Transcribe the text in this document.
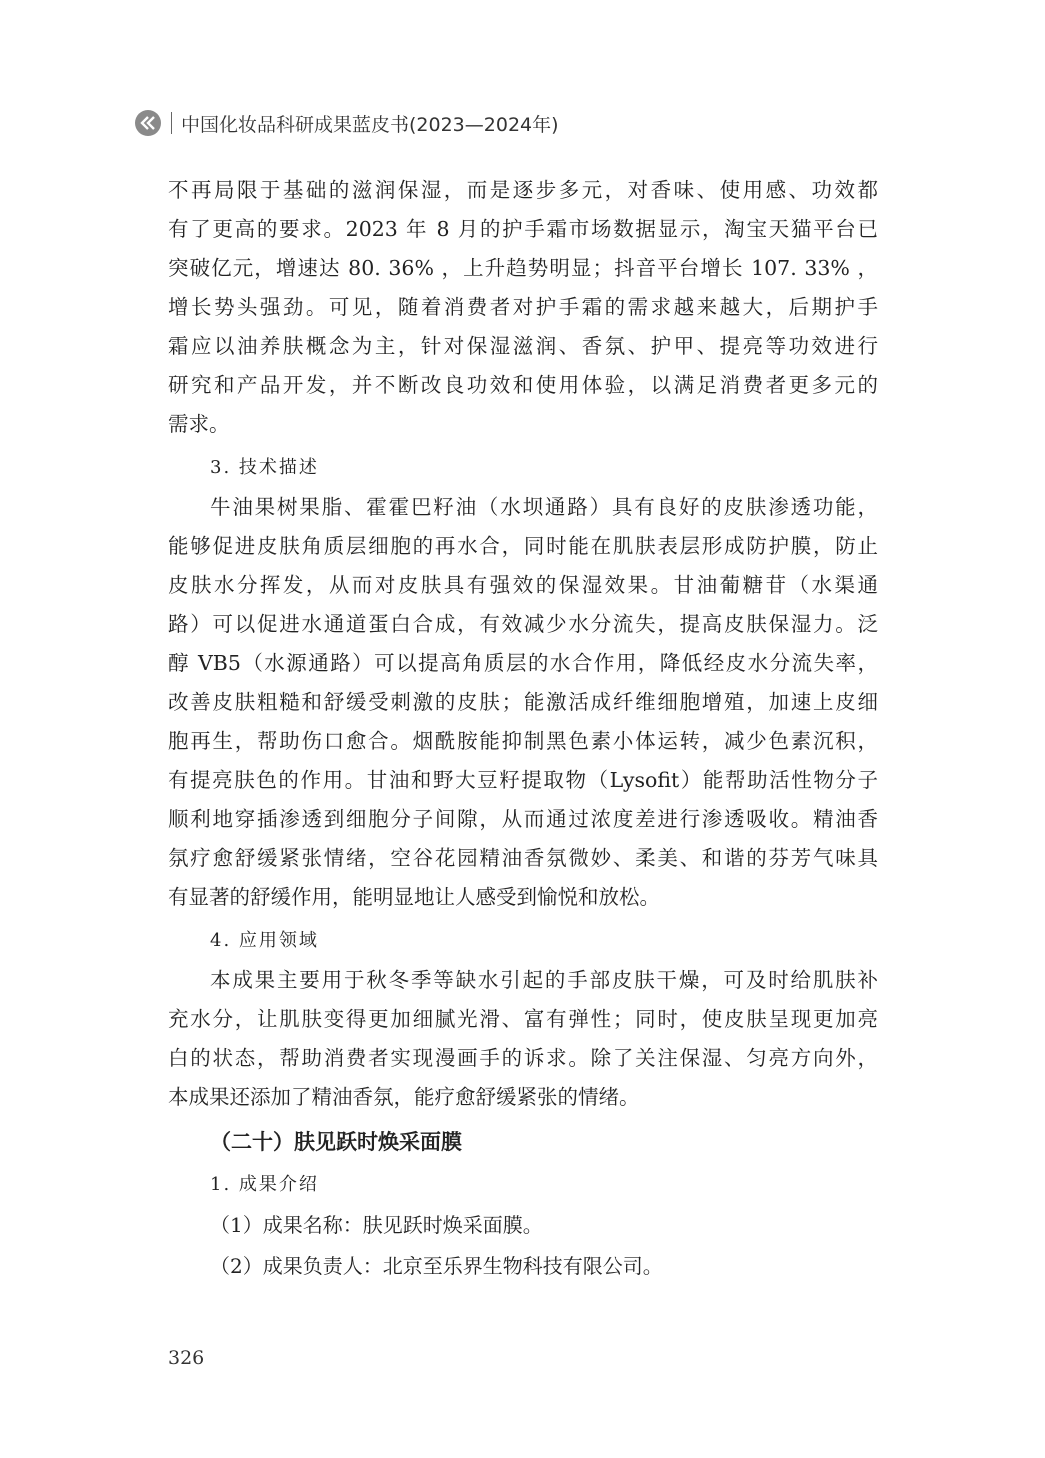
中国化妆品科研成果蓝皮书(2023—2024年)
不再局限于基础的滋润保湿，而是逐步多元，对香味、使用感、功效都
有了更高的要求。2023 年 8 月的护手霜市场数据显示，淘宝天猫平台已
突破亿元，增速达 80. 36% ，上升趋势明显；抖音平台增长 107. 33% ，
增长势头强劲。可见，随着消费者对护手霜的需求越来越大，后期护手
霜应以油养肤概念为主，针对保湿滋润、香氛、护甲、提亮等功效进行
研究和产品开发，并不断改良功效和使用体验，以满足消费者更多元的
需求。
3. 技术描述
牛油果树果脂、霍霍巴籽油（水坝通路）具有良好的皮肤渗透功能，
能够促进皮肤角质层细胞的再水合，同时能在肌肤表层形成防护膜，防止
皮肤水分挥发，从而对皮肤具有强效的保湿效果。甘油葡糖苷（水渠通
路）可以促进水通道蛋白合成，有效减少水分流失，提高皮肤保湿力。泛
醇 VB5（水源通路）可以提高角质层的水合作用，降低经皮水分流失率，
改善皮肤粗糙和舒缓受刺激的皮肤；能激活成纤维细胞增殖，加速上皮细
胞再生，帮助伤口愈合。烟酰胺能抑制黑色素小体运转，减少色素沉积，
有提亮肤色的作用。甘油和野大豆籽提取物（Lysofit）能帮助活性物分子
顺利地穿插渗透到细胞分子间隙，从而通过浓度差进行渗透吸收。精油香
氛疗愈舒缓紧张情绪，空谷花园精油香氛微妙、柔美、和谐的芬芳气味具
有显著的舒缓作用，能明显地让人感受到愉悦和放松。
4. 应用领域
本成果主要用于秋冬季等缺水引起的手部皮肤干燥，可及时给肌肤补
充水分，让肌肤变得更加细腻光滑、富有弹性；同时，使皮肤呈现更加亮
白的状态，帮助消费者实现漫画手的诉求。除了关注保湿、匀亮方向外，
本成果还添加了精油香氛，能疗愈舒缓紧张的情绪。
（二十）肤见跃时焕采面膜
1. 成果介绍
（1）成果名称：肤见跃时焕采面膜。
（2）成果负责人：北京至乐界生物科技有限公司。
326
